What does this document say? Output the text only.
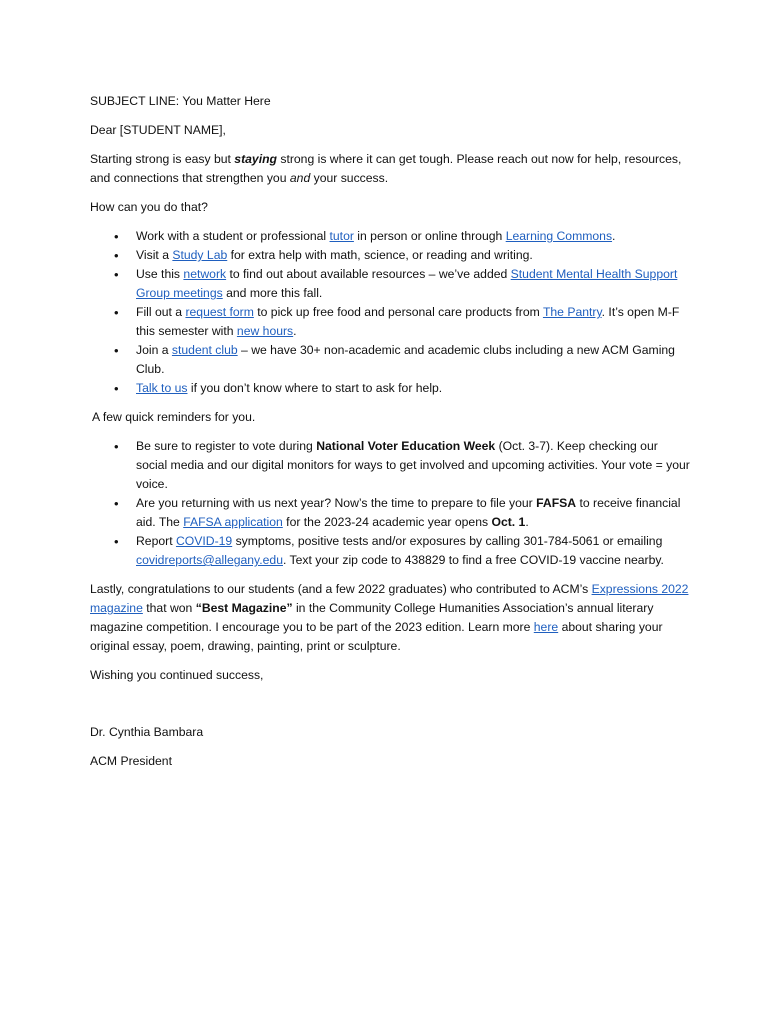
SUBJECT LINE: You Matter Here

Dear [STUDENT NAME],

Starting strong is easy but staying strong is where it can get tough. Please reach out now for help, resources, and connections that strengthen you and your success.

How can you do that?

• Work with a student or professional tutor in person or online through Learning Commons.
• Visit a Study Lab for extra help with math, science, or reading and writing.
• Use this network to find out about available resources – we’ve added Student Mental Health Support Group meetings and more this fall.
• Fill out a request form to pick up free food and personal care products from The Pantry. It’s open M-F this semester with new hours.
• Join a student club – we have 30+ non-academic and academic clubs including a new ACM Gaming Club.
• Talk to us if you don’t know where to start to ask for help.

A few quick reminders for you.

• Be sure to register to vote during National Voter Education Week (Oct. 3-7). Keep checking our social media and our digital monitors for ways to get involved and upcoming activities. Your vote = your voice.
• Are you returning with us next year? Now’s the time to prepare to file your FAFSA to receive financial aid. The FAFSA application for the 2023-24 academic year opens Oct. 1.
• Report COVID-19 symptoms, positive tests and/or exposures by calling 301-784-5061 or emailing covidreports@allegany.edu. Text your zip code to 438829 to find a free COVID-19 vaccine nearby.

Lastly, congratulations to our students (and a few 2022 graduates) who contributed to ACM’s Expressions 2022 magazine that won “Best Magazine” in the Community College Humanities Association’s annual literary magazine competition. I encourage you to be part of the 2023 edition. Learn more here about sharing your original essay, poem, drawing, painting, print or sculpture.

Wishing you continued success,

Dr. Cynthia Bambara

ACM President
